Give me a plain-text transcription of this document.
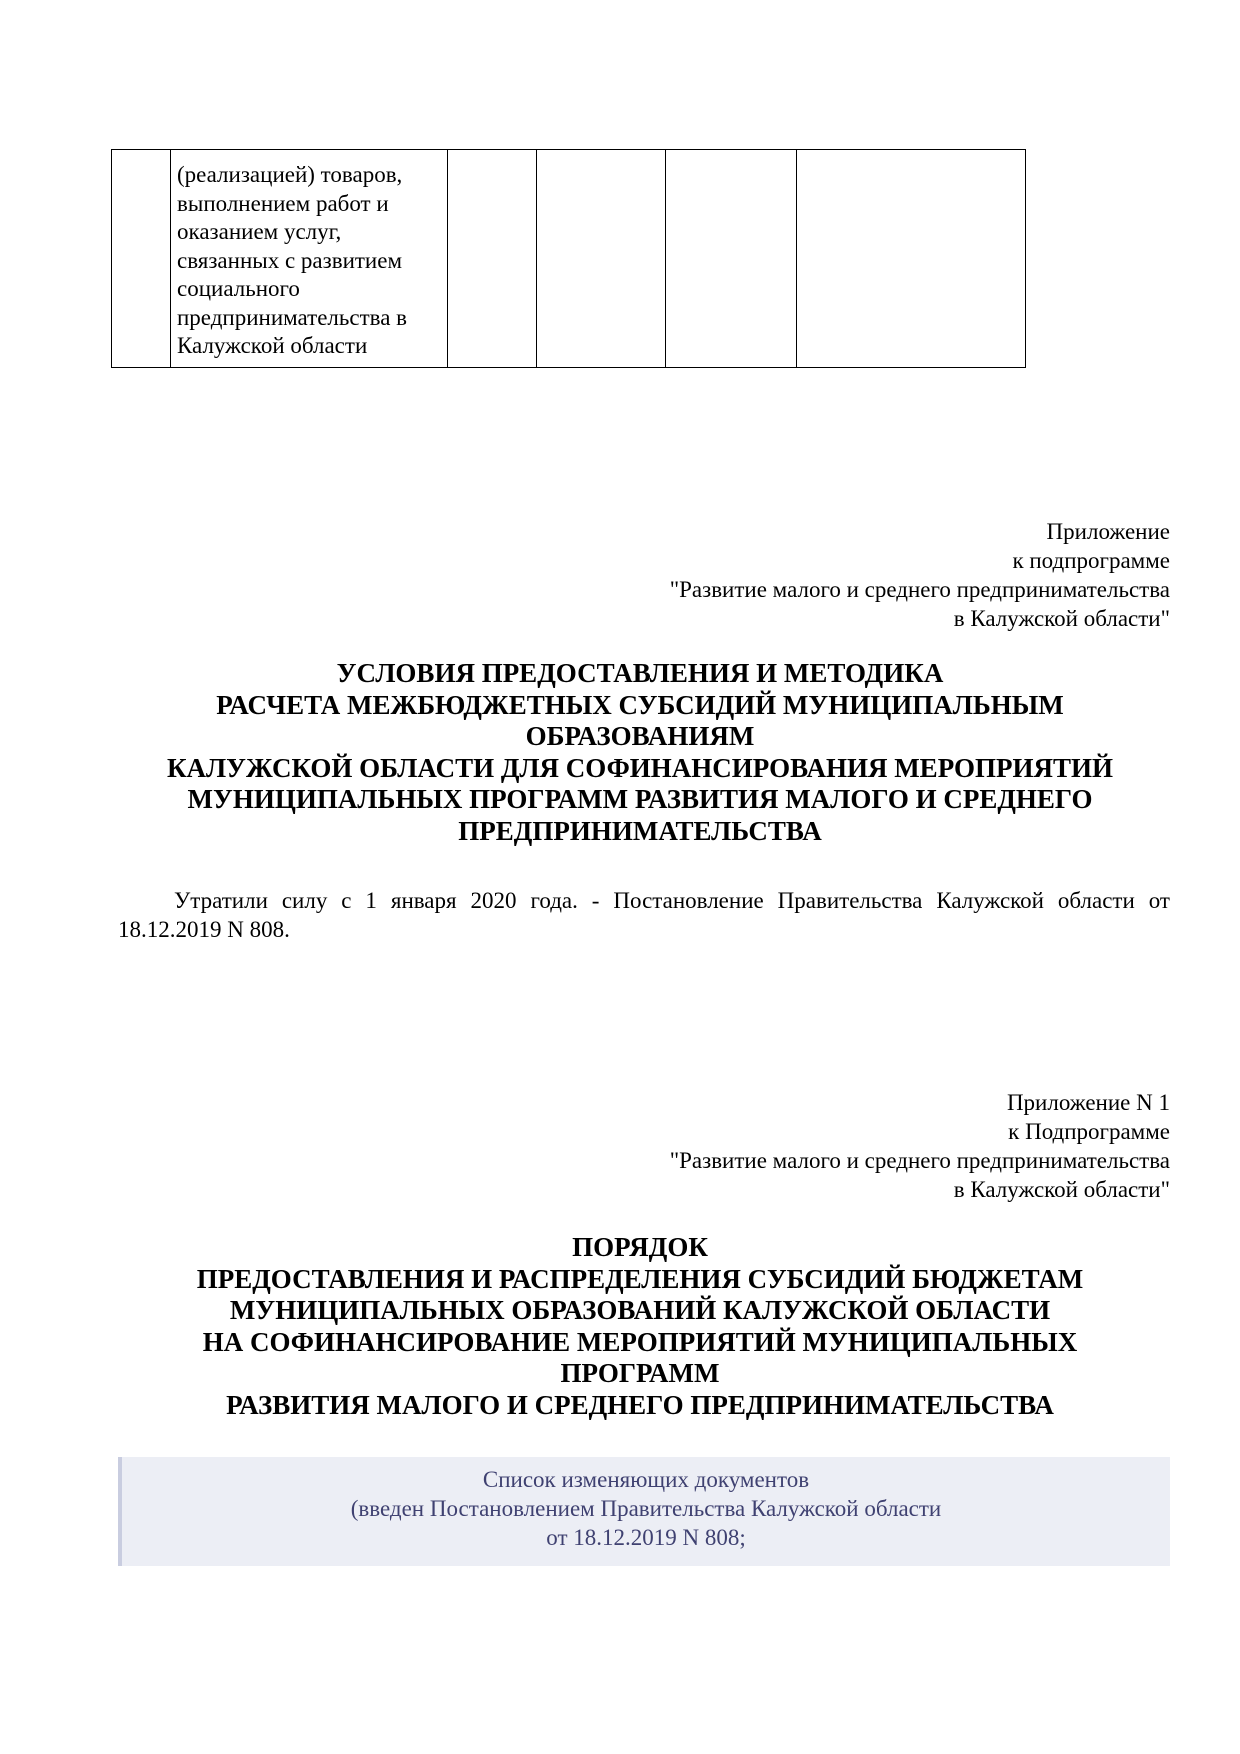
(реализацией) товаров,
выполнением работ и
оказанием услуг,
связанных с развитием
социального
предпринимательства в
Калужской области

Приложение
к подпрограмме
"Развитие малого и среднего предпринимательства
в Калужской области"
УСЛОВИЯ ПРЕДОСТАВЛЕНИЯ И МЕТОДИКА
РАСЧЕТА МЕЖБЮДЖЕТНЫХ СУБСИДИЙ МУНИЦИПАЛЬНЫМ
ОБРАЗОВАНИЯМ
КАЛУЖСКОЙ ОБЛАСТИ ДЛЯ СОФИНАНСИРОВАНИЯ МЕРОПРИЯТИЙ
МУНИЦИПАЛЬНЫХ ПРОГРАММ РАЗВИТИЯ МАЛОГО И СРЕДНЕГО
ПРЕДПРИНИМАТЕЛЬСТВА
Утратили силу с 1 января 2020 года. - Постановление Правительства Калужской области от
18.12.2019 N 808.
Приложение N 1
к Подпрограмме
"Развитие малого и среднего предпринимательства
в Калужской области"
ПОРЯДОК
ПРЕДОСТАВЛЕНИЯ И РАСПРЕДЕЛЕНИЯ СУБСИДИЙ БЮДЖЕТАМ
МУНИЦИПАЛЬНЫХ ОБРАЗОВАНИЙ КАЛУЖСКОЙ ОБЛАСТИ
НА СОФИНАНСИРОВАНИЕ МЕРОПРИЯТИЙ МУНИЦИПАЛЬНЫХ
ПРОГРАММ
РАЗВИТИЯ МАЛОГО И СРЕДНЕГО ПРЕДПРИНИМАТЕЛЬСТВА
Список изменяющих документов
(введен Постановлением Правительства Калужской области
от 18.12.2019 N 808;
